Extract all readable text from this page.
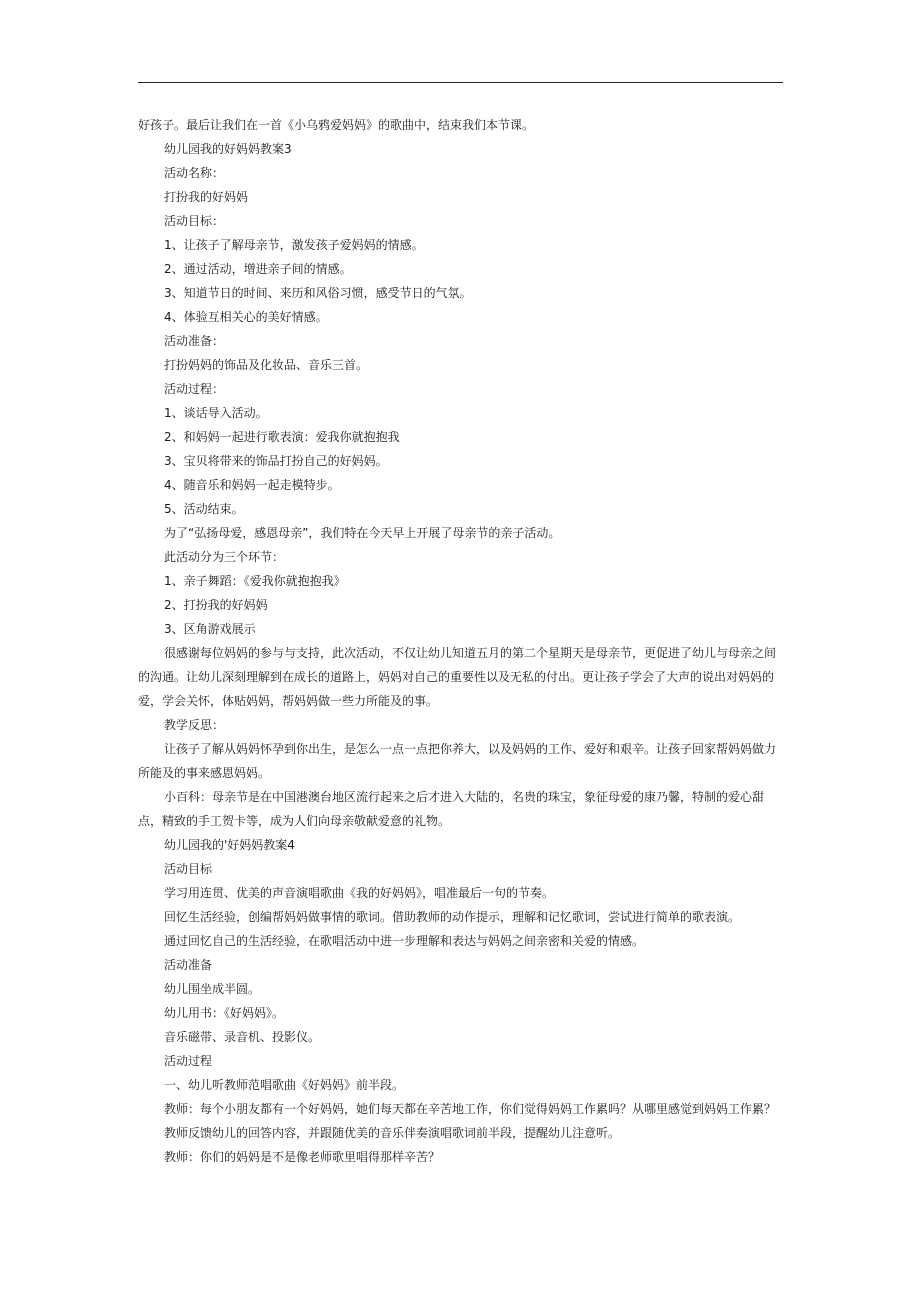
好孩子。最后让我们在一首《小乌鸦爱妈妈》的歌曲中，结束我们本节课。
幼儿园我的好妈妈教案3
活动名称：
打扮我的好妈妈
活动目标：
1、让孩子了解母亲节，激发孩子爱妈妈的情感。
2、通过活动，增进亲子间的情感。
3、知道节日的时间、来历和风俗习惯，感受节日的气氛。
4、体验互相关心的美好情感。
活动准备：
打扮妈妈的饰品及化妆品、音乐三首。
活动过程：
1、谈话导入活动。
2、和妈妈一起进行歌表演：爱我你就抱抱我
3、宝贝将带来的饰品打扮自己的好妈妈。
4、随音乐和妈妈一起走模特步。
5、活动结束。
为了“弘扬母爱，感恩母亲”，我们特在今天早上开展了母亲节的亲子活动。
此活动分为三个环节：
1、亲子舞蹈：《爱我你就抱抱我》
2、打扮我的好妈妈
3、区角游戏展示

很感谢每位妈妈的参与与支持，此次活动，不仅让幼儿知道五月的第二个星期天是母亲节，更促进了幼儿与母亲之间的沟通。让幼儿深刻理解到在成长的道路上，妈妈对自己的重要性以及无私的付出。更让孩子学会了大声的说出对妈妈的爱，学会关怀，体贴妈妈，帮妈妈做一些力所能及的事。

教学反思：

让孩子了解从妈妈怀孕到你出生，是怎么一点一点把你养大，以及妈妈的工作、爱好和艰辛。让孩子回家帮妈妈做力所能及的事来感恩妈妈。

小百科：母亲节是在中国港澳台地区流行起来之后才进入大陆的，名贵的珠宝，象征母爱的康乃馨，特制的爱心甜点，精致的手工贺卡等，成为人们向母亲敬献爱意的礼物。

幼儿园我的'好妈妈教案4
活动目标
学习用连贯、优美的声音演唱歌曲《我的好妈妈》，唱准最后一句的节奏。
回忆生活经验，创编帮妈妈做事情的歌词。借助教师的动作提示，理解和记忆歌词，尝试进行简单的歌表演。
通过回忆自己的生活经验，在歌唱活动中进一步理解和表达与妈妈之间亲密和关爱的情感。
活动准备
幼儿围坐成半圆。
幼儿用书：《好妈妈》。
音乐磁带、录音机、投影仪。
活动过程
一、幼儿听教师范唱歌曲《好妈妈》前半段。
教师：每个小朋友都有一个好妈妈，她们每天都在辛苦地工作，你们觉得妈妈工作累吗？从哪里感觉到妈妈工作累？
教师反馈幼儿的回答内容，并跟随优美的音乐伴奏演唱歌词前半段，提醒幼儿注意听。
教师：你们的妈妈是不是像老师歌里唱得那样辛苦？
